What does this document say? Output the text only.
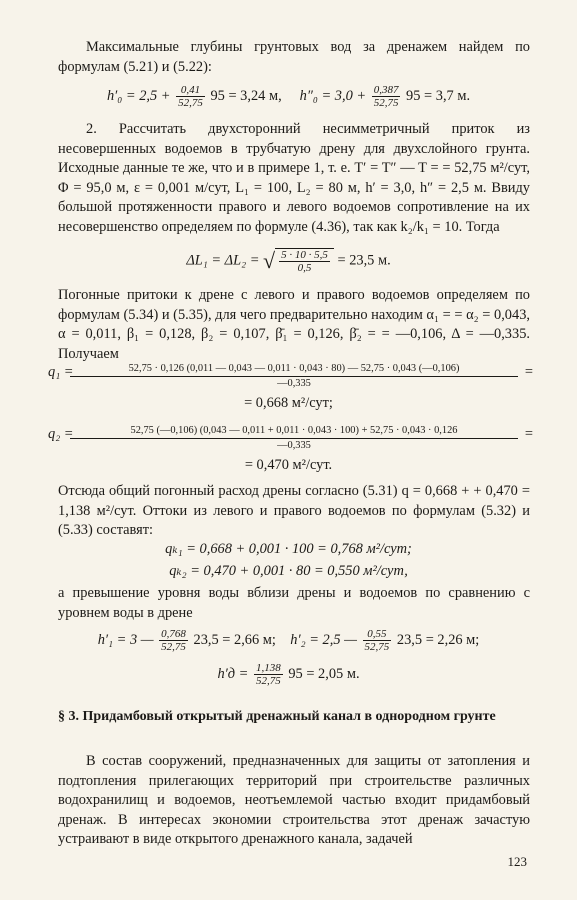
Максимальные глубины грунтовых вод за дренажем найдем по формулам (5.21) и (5.22):
$h'_0 = 2,5 + \frac{0,41}{52,75} 95 = 3,24$ м, $h''_0 = 3,0 + \frac{0,387}{52,75} 95 = 3,7$ м.
2. Рассчитать двухсторонний несимметричный приток из несовершенных водоемов в трубчатую дрену для двухслойного грунта. Исходные данные те же, что и в примере 1, т. е. T′ = T″ — T = = 52,75 м²/сут, Φ = 95,0 м, ε = 0,001 м/сут, L₁ = 100, L₂ = 80 м, h′ = 3,0, h″ = 2,5 м. Ввиду большой протяженности правого и левого водоемов сопротивление на их несовершенство определяем по формуле (4.36), так как k₂/k₁ = 10. Тогда
ΔL₁ = ΔL₂ = √ $\frac{5 \cdot 10 \cdot 5,5}{0,5} = 23,5$ м.
Погонные притоки к дрене с левого и правого водоемов определяем по формулам (5.34) и (5.35), для чего предварительно находим α₁ = = α₂ = 0,043, α = 0,011, β₁ = 0,128, β₂ = 0,107, β̄₁ = 0,126, β̄₂ = = —0,106, Δ = —0,335. Получаем
q₁ =	52,75 · 0,126 (0,011 — 0,043 — 0,011 · 0,043 · 80) — 52,75 · 0,043 (—0,106)
—0,335
=
= 0,668 м²/сут;
q₂ =	52,75 (—0,106) (0,043 — 0,011 + 0,011 · 0,043 · 100) + 52,75 · 0,043 · 0,126
—0,335
=
= 0,470 м²/сут.
Отсюда общий погонный расход дрены согласно (5.31) q = 0,668 + + 0,470 = 1,138 м²/сут. Оттоки из левого и правого водоемов по формулам (5.32) и (5.33) составят:
qₖ₁ = 0,668 + 0,001 · 100 = 0,768 м²/сут;
qₖ₂ = 0,470 + 0,001 · 80 = 0,550 м²/сут,
а превышение уровня воды вблизи дрены и водоемов по сравнению с уровнем воды в дрене
h′₁ = 3 — $\frac{0,768}{52,75} 23,5 = 2,66$ м; h′₂ = 2,5 — $\frac{0,55}{52,75} 23,5 = 2,26$ м;
$h'д = \frac{1,138}{52,75} 95 = 2,05$ м.
§ 3. Придамбовый открытый дренажный канал в однородном грунте
В состав сооружений, предназначенных для защиты от затопления и подтопления прилегающих территорий при строительстве различных водохранилищ и водоемов, неотъемлемой частью входит придамбовый дренаж. В интересах экономии строительства этот дренаж зачастую устраивают в виде открытого дренажного канала, задачей
123
